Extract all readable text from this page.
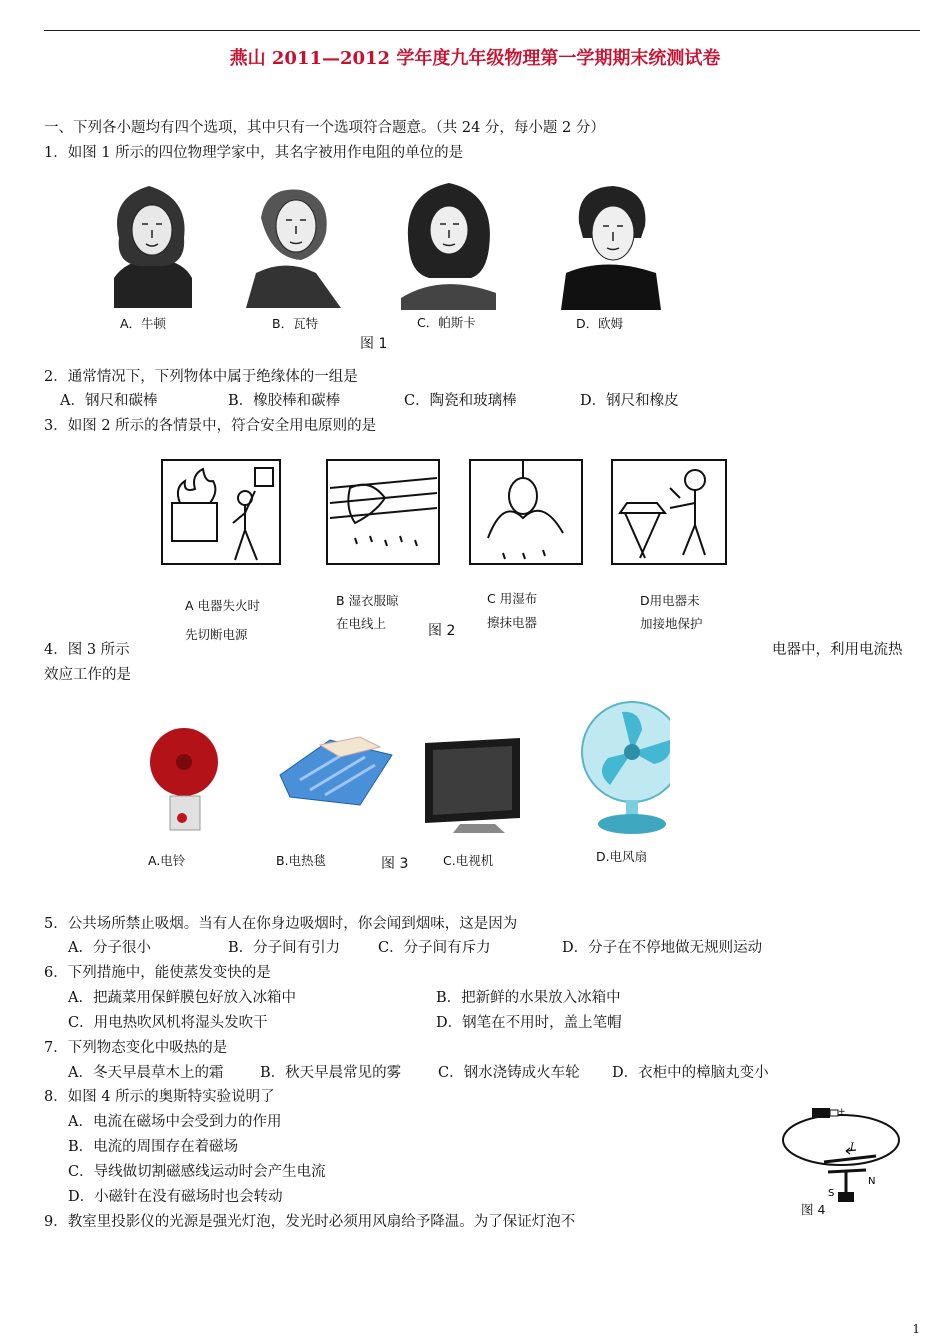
燕山 2011—2012 学年度九年级物理第一学期期末统测试卷
一、下列各小题均有四个选项，其中只有一个选项符合题意。（共 24 分，每小题 2 分）
1．如图 1 所示的四位物理学家中，其名字被用作电阻的单位的是
A．牛顿	B．瓦特	C．帕斯卡	D．欧姆
图 1
2．通常情况下，下列物体中属于绝缘体的一组是
A．钢尺和碳棒	B．橡胶棒和碳棒	C．陶瓷和玻璃棒	D．钢尺和橡皮
3．如图 2 所示的各情景中，符合安全用电原则的是
A 电器失火时
先切断电源
B 湿衣服晾
在电线上
C 用湿布
擦抹电器
D用电器未
加接地保护
图 2
4．图 3 所示	电器中，利用电流热
效应工作的是
A.电铃	B.电热毯	图 3	C.电视机	D.电风扇
5．公共场所禁止吸烟。当有人在你身边吸烟时，你会闻到烟味，这是因为
A．分子很小	B．分子间有引力	C．分子间有斥力	D．分子在不停地做无规则运动
6．下列措施中，能使蒸发变快的是
A．把蔬菜用保鲜膜包好放入冰箱中	B．把新鲜的水果放入冰箱中
C．用电热吹风机将湿头发吹干	D．钢笔在不用时，盖上笔帽
7．下列物态变化中吸热的是
A．冬天早晨草木上的霜	B．秋天早晨常见的雾	C．钢水浇铸成火车轮 D．衣柜中的樟脑丸变小
8．如图 4 所示的奥斯特实验说明了
A．电流在磁场中会受到力的作用
B．电流的周围存在着磁场
C．导线做切割磁感线运动时会产生电流
D．小磁针在没有磁场时也会转动
+
I
S
N
图 4
9．教室里投影仪的光源是强光灯泡，发光时必须用风扇给予降温。为了保证灯泡不
1
